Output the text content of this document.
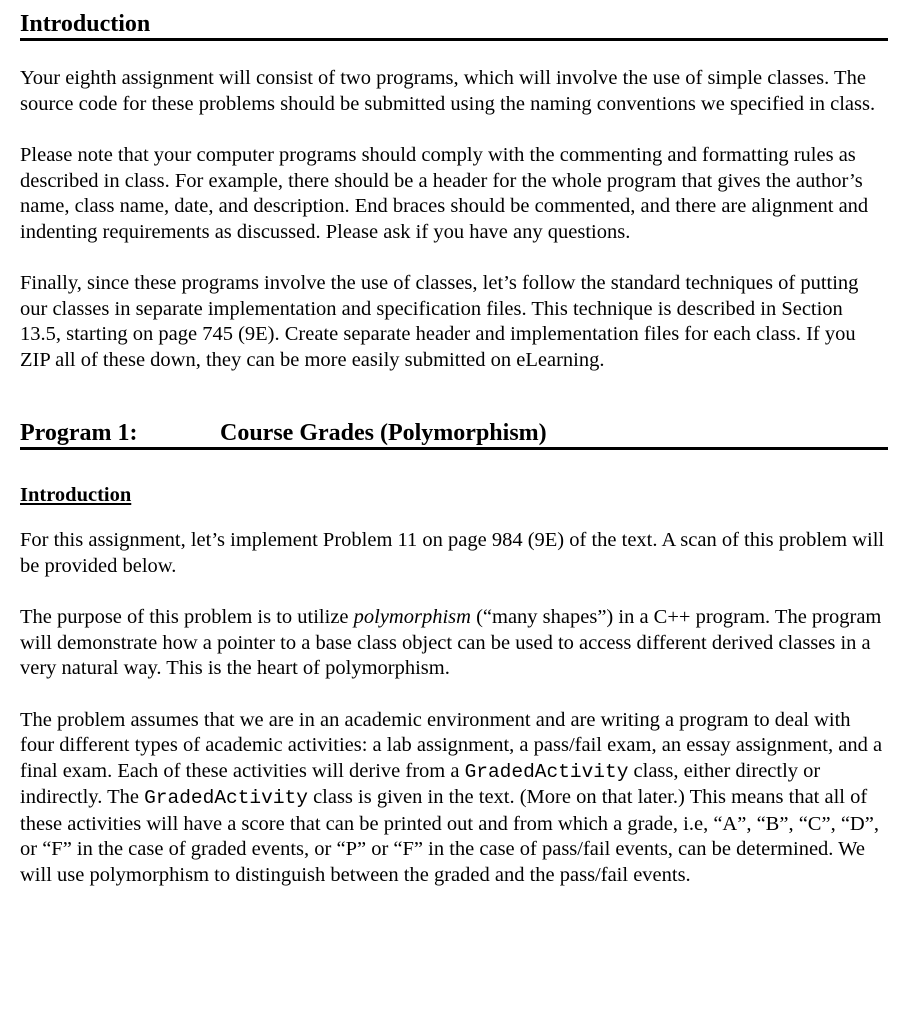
Introduction

Your eighth assignment will consist of two programs, which will involve the use of simple classes. The source code for these problems should be submitted using the naming conventions we specified in class.

Please note that your computer programs should comply with the commenting and formatting rules as described in class. For example, there should be a header for the whole program that gives the author’s name, class name, date, and description. End braces should be commented, and there are alignment and indenting requirements as discussed. Please ask if you have any questions.

Finally, since these programs involve the use of classes, let’s follow the standard techniques of putting our classes in separate implementation and specification files. This technique is described in Section 13.5, starting on page 745 (9E). Create separate header and implementation files for each class. If you ZIP all of these down, they can be more easily submitted on eLearning.

Program 1:	Course Grades (Polymorphism)
Introduction

For this assignment, let’s implement Problem 11 on page 984 (9E) of the text. A scan of this problem will be provided below.

The purpose of this problem is to utilize polymorphism (“many shapes”) in a C++ program. The program will demonstrate how a pointer to a base class object can be used to access different derived classes in a very natural way. This is the heart of polymorphism.

The problem assumes that we are in an academic environment and are writing a program to deal with four different types of academic activities: a lab assignment, a pass/fail exam, an essay assignment, and a final exam. Each of these activities will derive from a GradedActivity class, either directly or indirectly. The GradedActivity class is given in the text. (More on that later.) This means that all of these activities will have a score that can be printed out and from which a grade, i.e, “A”, “B”, “C”, “D”, or “F” in the case of graded events, or “P” or “F” in the case of pass/fail events, can be determined. We will use polymorphism to distinguish between the graded and the pass/fail events.
